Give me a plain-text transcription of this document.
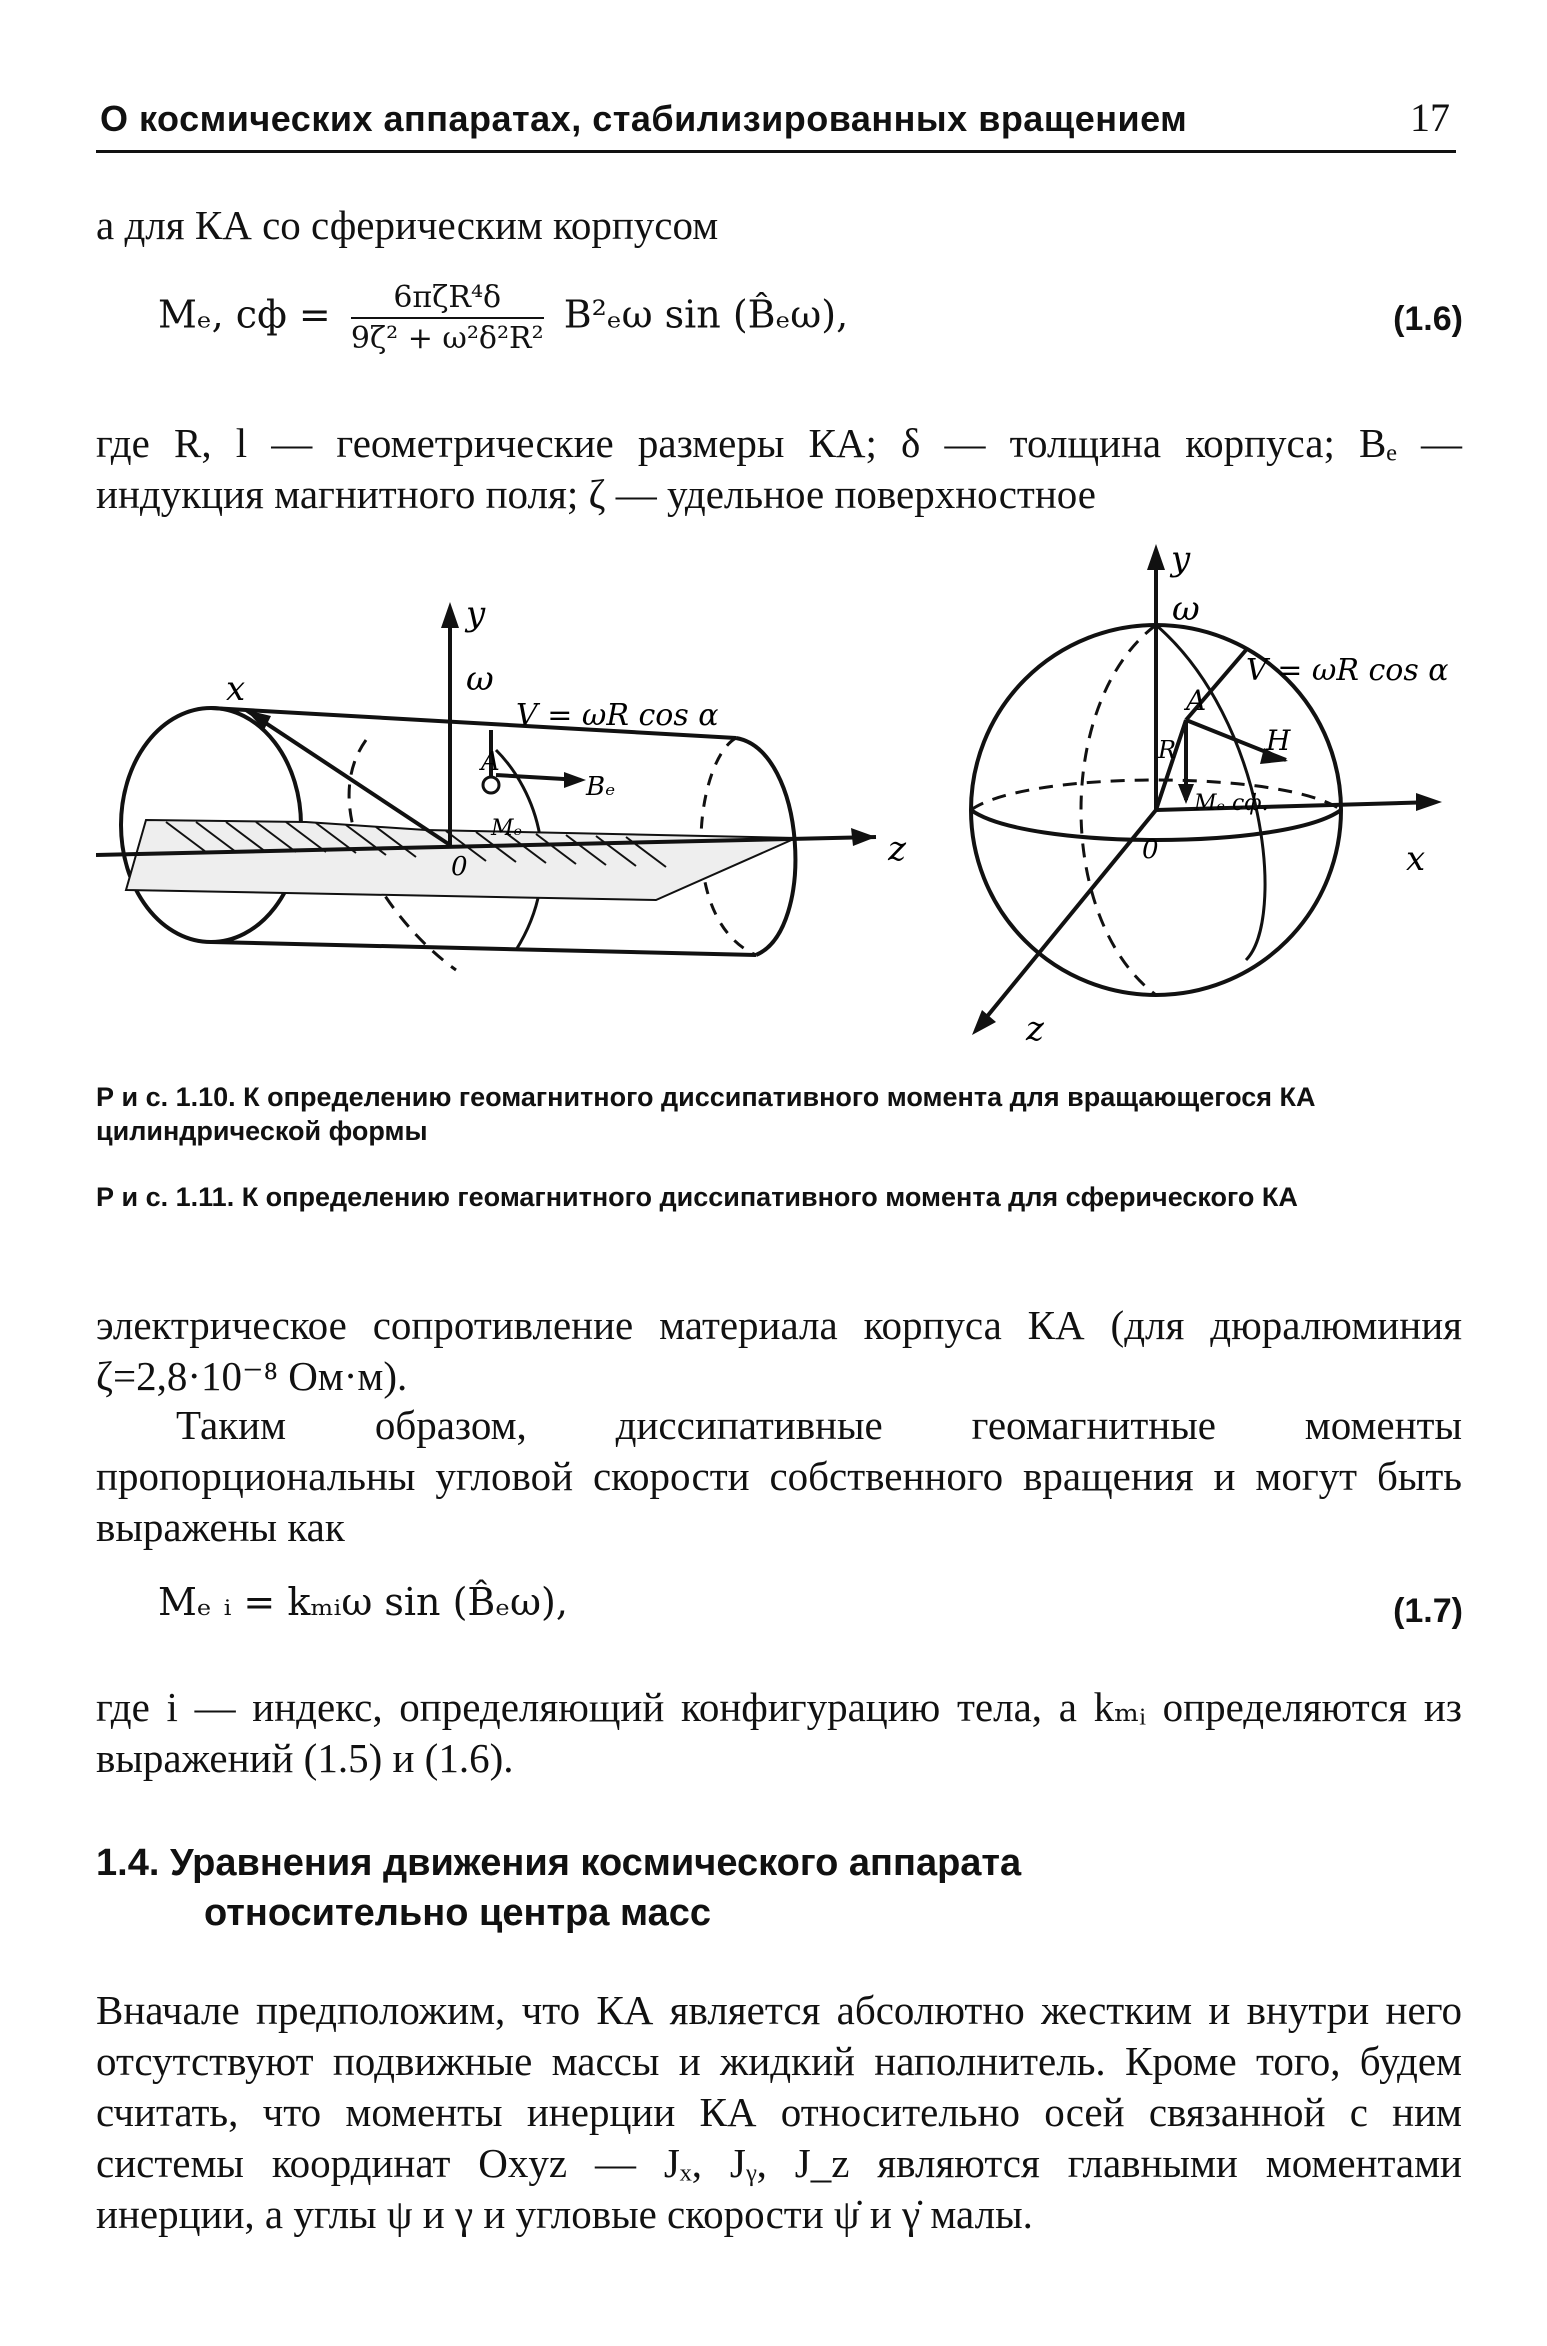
О космических аппаратах, стабилизированных вращением	17
а для КА со сферическим корпусом
Mₑ, сф = $\frac{\text{6πζR⁴δ}}{\text{9ζ² + ω²δ²R²}} B^2_e\omega$ sin (B̂ₑω),	(1.6)
где R, l — геометрические размеры КА; δ — толщина корпуса; Bₑ — индукция магнитного поля; ζ — удельное поверхностное
z
y
x	ω
V = ωR cos α
A
Bₑ
Mₑ
0
y
ω
V = ωR cos α
A
H
R
Mₑ сф.
0	x
z
Р и с. 1.10. К определению геомагнитного диссипативного момента для вращающегося КА цилиндрической формы
Р и с. 1.11. К определению геомагнитного диссипативного момента для сферического КА
электрическое сопротивление материала корпуса КА (для дюралюминия ζ=2,8·10⁻⁸ Ом·м).
Таким образом, диссипативные геомагнитные моменты пропорциональны угловой скорости собственного вращения и могут быть выражены как
Mₑ ᵢ = kₘᵢω sin (B̂ₑω),	(1.7)
где i — индекс, определяющий конфигурацию тела, а kₘᵢ определяются из выражений (1.5) и (1.6).
1.4. Уравнения движения космического аппарата
относительно центра масс
Вначале предположим, что КА является абсолютно жестким и внутри него отсутствуют подвижные массы и жидкий наполнитель. Кроме того, будем считать, что моменты инерции КА относительно осей связанной с ним системы координат Oxyz — Jₓ, Jᵧ, J_z являются главными моментами инерции, а углы ψ и γ и угловые скорости ψ̇ и γ̇ малы.
